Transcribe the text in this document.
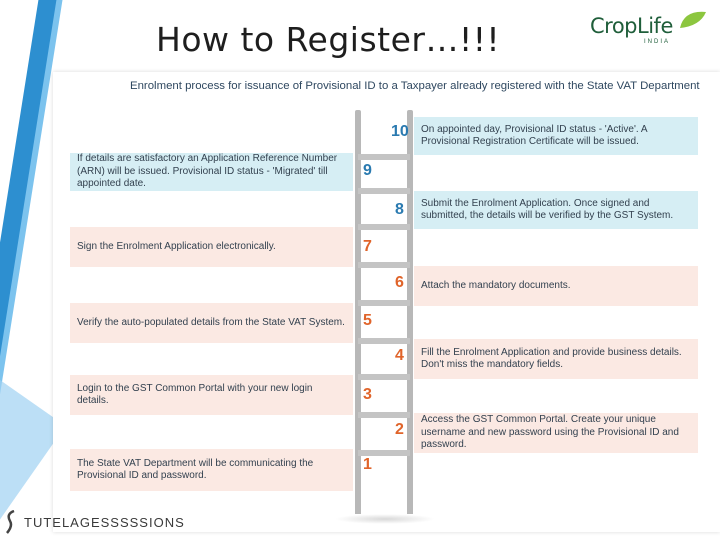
How to Register…!!!	CropLife
INDIA
Enrolment process for issuance of Provisional ID to a Taxpayer already registered with the State VAT Department
On appointed day, Provisional ID status - 'Active'. A Provisional Registration Certificate will be issued.
10
If details are satisfactory an Application Reference Number (ARN) will be issued. Provisional ID status - 'Migrated' till appointed date.
9
Submit the Enrolment Application. Once signed and submitted, the details will be verified by the GST System.
8
Sign the Enrolment Application electronically.	7
Attach the mandatory documents.
6
Verify the auto-populated details from the State VAT System. 5
Fill the Enrolment Application and provide business details. Don't miss the mandatory fields.
4
Login to the GST Common Portal with your new login details.	3
Access the GST Common Portal. Create your unique username and new password using the Provisional ID and password.
2
The State VAT Department will be communicating the Provisional ID and password.
1
TUTELAGESSSSSIONS
